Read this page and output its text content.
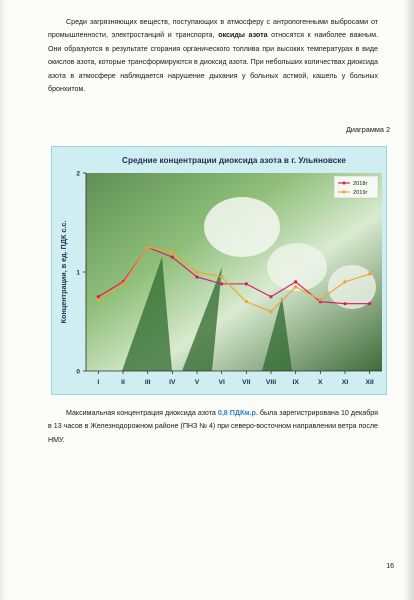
Среди загрязняющих веществ, поступающих в атмосферу с антропогенными выбросами от промышленности, электростанций и транспорта, оксиды азота относятся к наиболее важным. Они образуются в результате сгорания органического топлива при высоких температурах в виде окислов азота, которые трансформируются в диоксид азота. При небольших количествах диоксида азота в атмосфере наблюдается нарушение дыхания у больных астмой, кашель у больных бронхитом.

Диаграмма 2
Средние концентрации диоксида азота в г. Ульяновске
Концентрации, в ед. ПДК с.с.
0
1
2
I	II	III	IV	V	VI	VII VIII IX	X	XI	XII
2018г
2019г

Максимальная концентрация диоксида азота 0,8 ПДКм.р. была зарегистрирована 10 декабря в 13 часов в Железнодорожном районе (ПНЗ № 4) при северо-восточном направлении ветра после НМУ.

16
